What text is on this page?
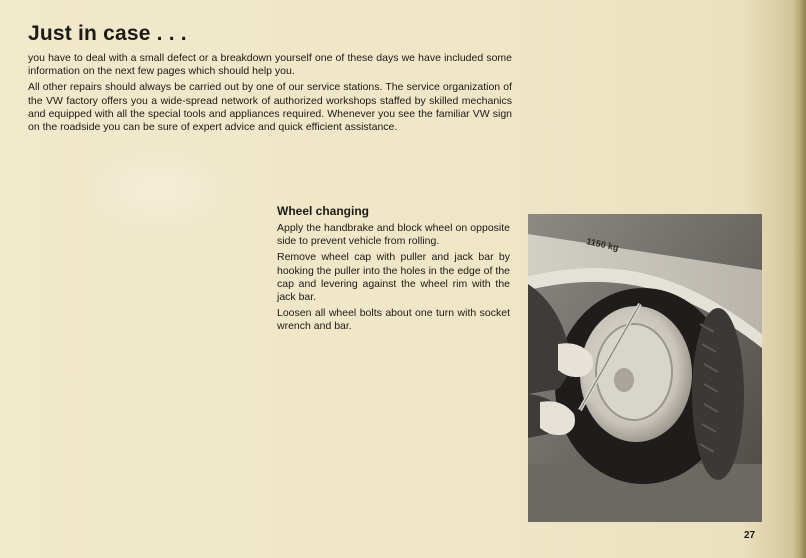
Just in case . . .

you have to deal with a small defect or a breakdown yourself one of these days we have included some information on the next few pages which should help you.

All other repairs should always be carried out by one of our service stations. The service organization of the VW factory offers you a wide-spread network of authorized workshops staffed by skilled mechanics and equipped with all the special tools and appliances required. Whenever you see the familiar VW sign on the roadside you can be sure of expert advice and quick efficient assistance.

Wheel changing

Apply the handbrake and block wheel on opposite side to prevent vehicle from rolling.

Remove wheel cap with puller and jack bar by hooking the puller into the holes in the edge of the cap and levering against the wheel rim with the jack bar.

Loosen all wheel bolts about one turn with socket wrench and bar.

1150 kg
27
